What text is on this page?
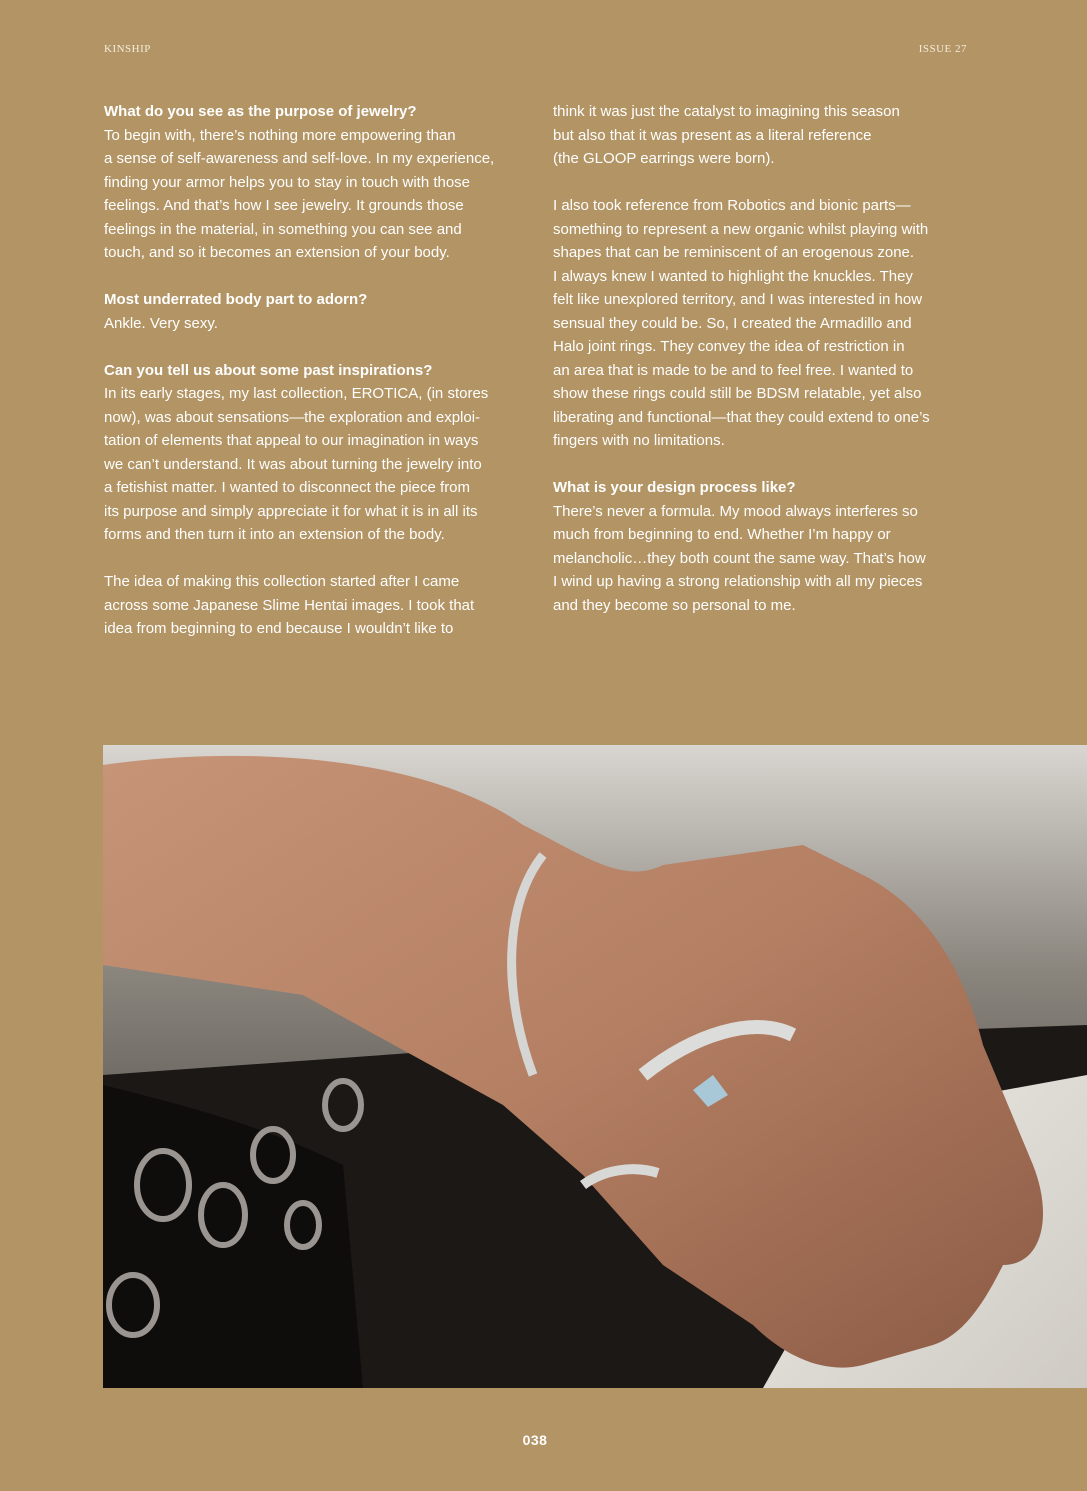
KINSHIP	ISSUE 27
What do you see as the purpose of jewelry?
To begin with, there’s nothing more empowering than
a sense of self-awareness and self-love. In my experience,
finding your armor helps you to stay in touch with those
feelings. And that’s how I see jewelry. It grounds those
feelings in the material, in something you can see and
touch, and so it becomes an extension of your body.
Most underrated body part to adorn?
Ankle. Very sexy.
Can you tell us about some past inspirations?
In its early stages, my last collection, EROTICA, (in stores
now), was about sensations—the exploration and exploi-
tation of elements that appeal to our imagination in ways
we can’t understand. It was about turning the jewelry into
a fetishist matter. I wanted to disconnect the piece from
its purpose and simply appreciate it for what it is in all its
forms and then turn it into an extension of the body.
The idea of making this collection started after I came
across some Japanese Slime Hentai images. I took that
idea from beginning to end because I wouldn’t like to
think it was just the catalyst to imagining this season
but also that it was present as a literal reference
(the GLOOP earrings were born).
I also took reference from Robotics and bionic parts—
something to represent a new organic whilst playing with
shapes that can be reminiscent of an erogenous zone.
I always knew I wanted to highlight the knuckles. They
felt like unexplored territory, and I was interested in how
sensual they could be. So, I created the Armadillo and
Halo joint rings. They convey the idea of restriction in
an area that is made to be and to feel free. I wanted to
show these rings could still be BDSM relatable, yet also
liberating and functional—that they could extend to one’s
fingers with no limitations.
What is your design process like?
There’s never a formula. My mood always interferes so
much from beginning to end. Whether I’m happy or
melancholic…they both count the same way. That’s how
I wind up having a strong relationship with all my pieces
and they become so personal to me.
038
